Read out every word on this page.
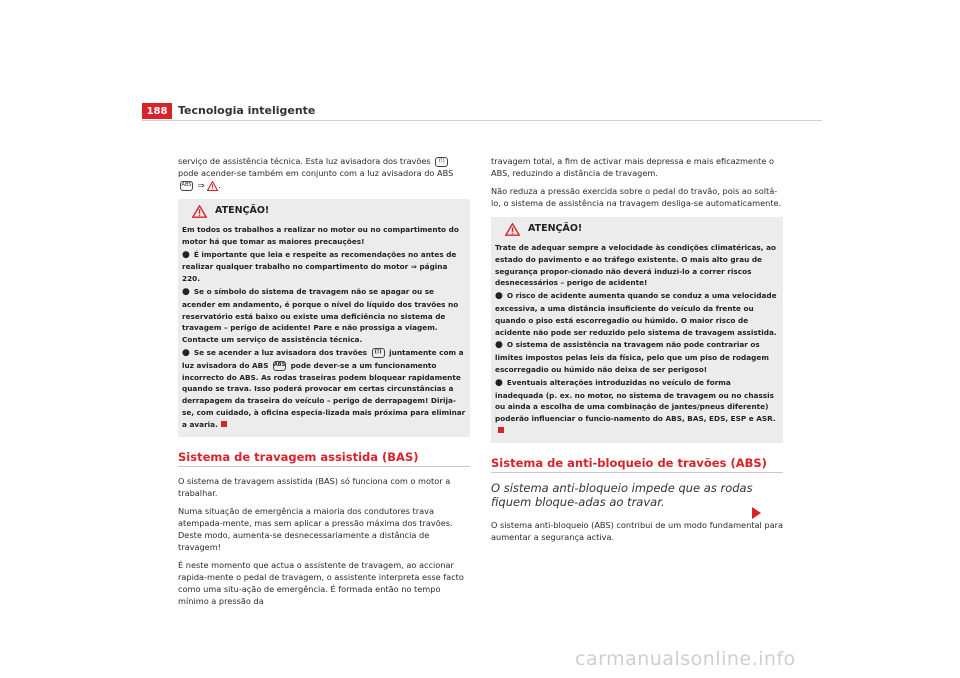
188 Tecnologia inteligente

serviço de assistência técnica. Esta luz avisadora dos travões (!) pode acender-se também em conjunto com a luz avisadora do ABS ABS ⇒ .

ATENÇÃO!
Em todos os trabalhos a realizar no motor ou no compartimento do motor há que tomar as maiores precauções!
● É importante que leia e respeite as recomendações no antes de realizar qualquer trabalho no compartimento do motor ⇒ página 220.
● Se o símbolo do sistema de travagem não se apagar ou se acender em andamento, é porque o nível do líquido dos travões no reservatório está baixo ou existe uma deficiência no sistema de travagem – perigo de acidente! Pare e não prossiga a viagem. Contacte um serviço de assistência técnica.
● Se se acender a luz avisadora dos travões (!) juntamente com a luz avisadora do ABS ABS pode dever-se a um funcionamento incorrecto do ABS. As rodas traseiras podem bloquear rapidamente quando se trava. Isso poderá provocar em certas circunstâncias a derrapagem da traseira do veículo – perigo de derrapagem! Dirija-se, com cuidado, à oficina especia-lizada mais próxima para eliminar a avaria.
Sistema de travagem assistida (BAS)

O sistema de travagem assistida (BAS) só funciona com o motor a trabalhar.

Numa situação de emergência a maioria dos condutores trava atempada-mente, mas sem aplicar a pressão máxima dos travões. Deste modo, aumenta-se desnecessariamente a distância de travagem!

É neste momento que actua o assistente de travagem, ao accionar rapida-mente o pedal de travagem, o assistente interpreta esse facto como uma situ-ação de emergência. É formada então no tempo mínimo a pressão da

travagem total, a fim de activar mais depressa e mais eficazmente o ABS, reduzindo a distância de travagem.

Não reduza a pressão exercida sobre o pedal do travão, pois ao soltá-lo, o sistema de assistência na travagem desliga-se automaticamente.

ATENÇÃO!
Trate de adequar sempre a velocidade às condições climatéricas, ao estado do pavimento e ao tráfego existente. O mais alto grau de segurança propor-cionado não deverá induzi-lo a correr riscos desnecessários – perigo de acidente!
● O risco de acidente aumenta quando se conduz a uma velocidade excessiva, a uma distância insuficiente do veículo da frente ou quando o piso está escorregadio ou húmido. O maior risco de acidente não pode ser reduzido pelo sistema de travagem assistida.
● O sistema de assistência na travagem não pode contrariar os limites impostos pelas leis da física, pelo que um piso de rodagem escorregadio ou húmido não deixa de ser perigoso!
● Eventuais alterações introduzidas no veículo de forma inadequada (p. ex. no motor, no sistema de travagem ou no chassis ou ainda a escolha de uma combinação de jantes/pneus diferente) poderão influenciar o funcio-namento do ABS, BAS, EDS, ESP e ASR.
Sistema de anti-bloqueio de travões (ABS)
O sistema anti-bloqueio impede que as rodas fiquem bloque-adas ao travar.

O sistema anti-bloqueio (ABS) contribui de um modo fundamental para aumentar a segurança activa.

carmanualsonline.info
